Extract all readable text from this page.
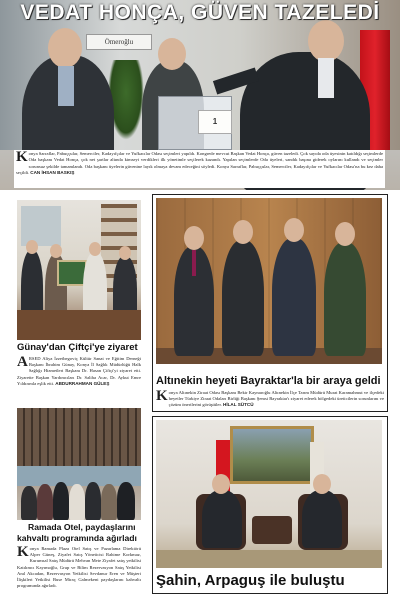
Ömeroğlu
1
VEDAT HONÇA, GÜVEN TAZELEDİ
Konya Sarraflar, Pabuççular, Semerciler, Kadayıfçılar ve Yufkacılar Odası seçimleri yapıldı. Kongrede mevcut Başkan Vedat Honça, güven tazeledi. Çok sayıda oda üyesinin katıldığı seçimlerde Oda başkanı Vedat Honça, çok net şartlar altında kimseyi verdikleri ilk yönetimle seçilerek kazandı. Yapılan seçimlerde Oda üyeleri, sandık başına giderek oylarını kullandı ve seçimler sorunsuz şekilde tamamlandı. Oda başkanı üyelerin güvenine layık olmaya devam edeceğini söyledi. Konya Sarraflar, Pabuççular, Semerciler, Kadayıfçılar ve Yufkacılar Odası'na bu kez daha seçildi. CAN İHSAN BASKIŞ
Günay'dan Çiftçi'ye ziyaret
ARSED Aliya İzzetbegoviç Kültür Sanat ve Eğitim Derneği Başkanı İbrahim Günay, Konya İl Sağlık Müdürlüğü Halk Sağlığı Hizmetleri Başkanı Dr. Hasan Çiftçi'yi ziyaret etti. Ziyarette Başkan Yardımcıları Dr. Saliha Acar, Dr. Aykut Emre Yıldırımla eşlik etti. ABDURRAHMAN GÜLEŞ	Altınekin heyeti Bayraktar'la bir araya geldi
Konya Altınekin Ziraat Odası Başkanı Bekir Kaynaroğlu Altınekin İlçe Tarım Müdürü Murat Karamahmut ve ilçedeki heyetler Türkiye Ziraat Odaları Birliği Başkanı Şemsi Bayraktar'ı ziyaret ederek bölgedeki üreticilerin sorunlarını ve çözüm önerilerini görüştüler. HİLAL SÜTCÜ
Ramada Otel, paydaşlarını
kahvaltı programında ağırladı
Konya Ramada Plaza Otel Satış ve Pazarlama Direktörü Alper Güneş, Ziyafet Satış Yöneticisi Rahime Korkmaz, Kurumsal Satış Müdürü Mehvan Mete Ziyafet satış yetkilisi Katılımcı Kayımoğlu, Grup ve Bilim Rezervasyon Satış Yetkilisi Anıl Akcadan, Rezervasyon Yetkilisi Sevdanur Eren ve Müşteri İlişkileri Yetkilisi Buse Miraç Galmekeni paydaşlarını kahvaltı programında ağırladı.	Şahin, Arpaguş ile buluştu
